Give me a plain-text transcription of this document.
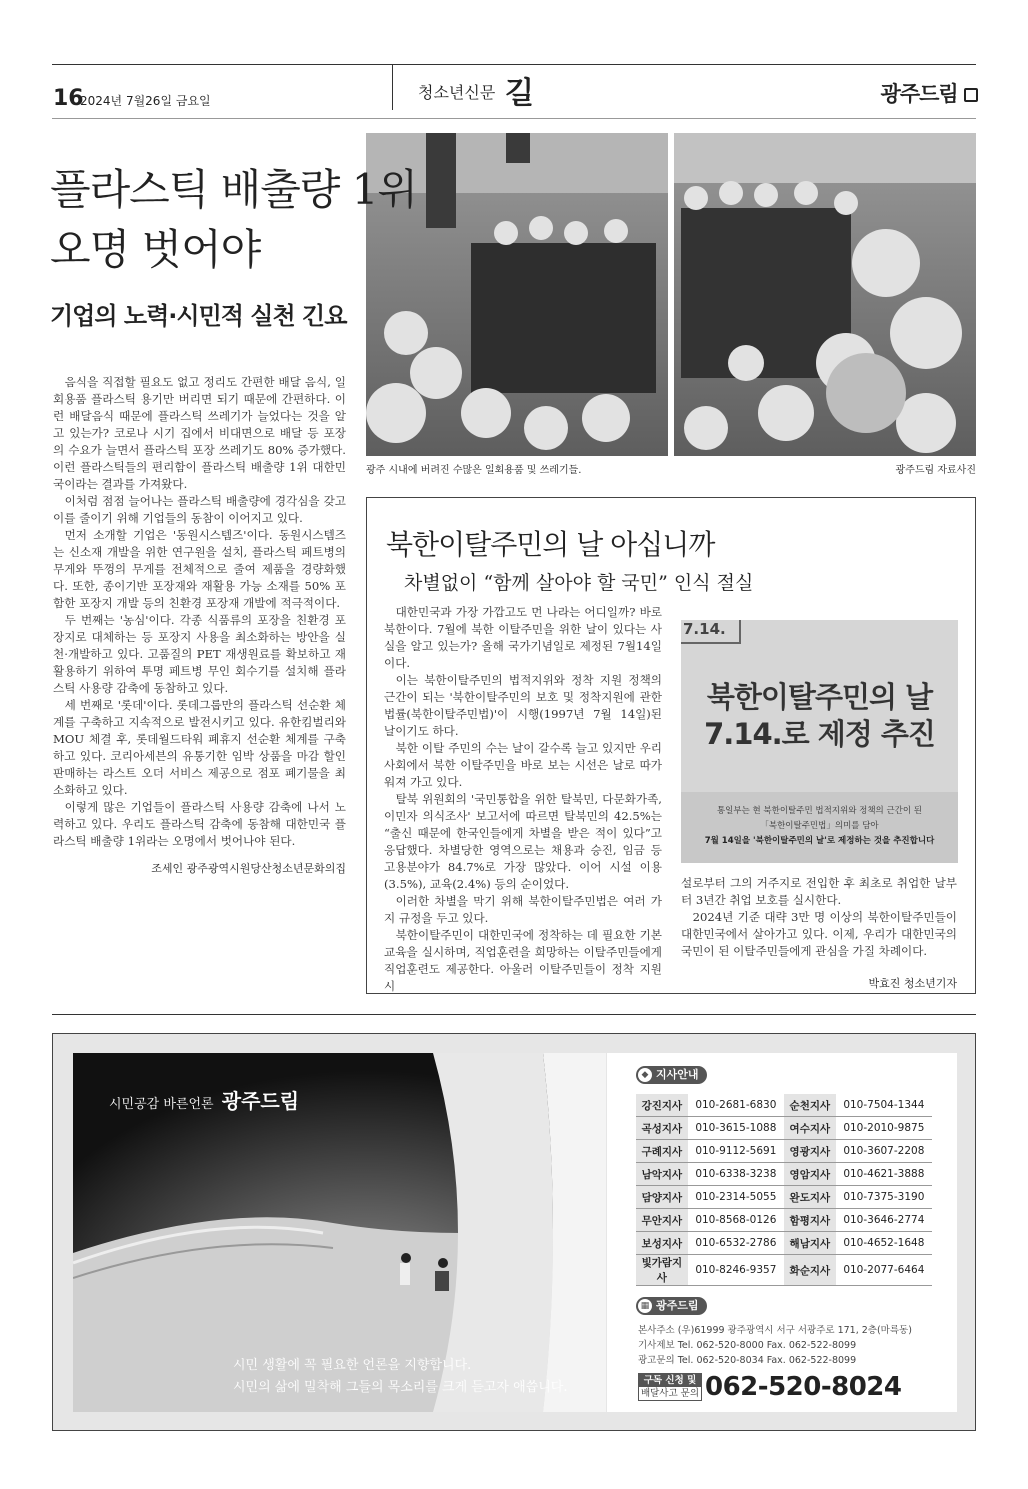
16
2024년 7월26일 금요일	청소년신문 길	광주드림
플라스틱 배출량 1위
오명 벗어야
기업의 노력·시민적 실천 긴요

음식을 직접할 필요도 없고 정리도 간편한 배달 음식, 일회용품 플라스틱 용기만 버리면 되기 때문에 간편하다. 이런 배달음식 때문에 플라스틱 쓰레기가 늘었다는 것을 알고 있는가? 코로나 시기 집에서 비대면으로 배달 등 포장의 수요가 늘면서 플라스틱 포장 쓰레기도 80% 증가했다. 이런 플라스틱들의 편리함이 플라스틱 배출량 1위 대한민국이라는 결과를 가져왔다.

이처럼 점점 늘어나는 플라스틱 배출량에 경각심을 갖고 이를 줄이기 위해 기업들의 동참이 이어지고 있다.

먼저 소개할 기업은 '동원시스템즈'이다. 동원시스템즈는 신소재 개발을 위한 연구원을 설치, 플라스틱 페트병의 무게와 뚜껑의 무게를 전체적으로 줄여 제품을 경량화했다. 또한, 종이기반 포장재와 재활용 가능 소재를 50% 포함한 포장지 개발 등의 친환경 포장재 개발에 적극적이다.

두 번째는 '농심'이다. 각종 식품류의 포장을 친환경 포장지로 대체하는 등 포장지 사용을 최소화하는 방안을 실천·개발하고 있다. 고품질의 PET 재생원료를 확보하고 재활용하기 위하여 투명 페트병 무인 회수기를 설치해 플라스틱 사용량 감축에 동참하고 있다.

세 번째로 '롯데'이다. 롯데그룹만의 플라스틱 선순환 체계를 구축하고 지속적으로 발전시키고 있다. 유한킴벌리와 MOU 체결 후, 롯데월드타워 폐휴지 선순환 체계를 구축하고 있다. 코리아세븐의 유통기한 임박 상품을 마감 할인 판매하는 라스트 오더 서비스 제공으로 점포 폐기물을 최소화하고 있다.

이렇게 많은 기업들이 플라스틱 사용량 감축에 나서 노력하고 있다. 우리도 플라스틱 감축에 동참해 대한민국 플라스틱 배출량 1위라는 오명에서 벗어나야 된다.

조세인 광주광역시원당산청소년문화의집
광주 시내에 버려진 수많은 일회용품 및 쓰레기들.	광주드림 자료사진
북한이탈주민의 날 아십니까
차별없이 “함께 살아야 할 국민” 인식 절실

대한민국과 가장 가깝고도 먼 나라는 어디일까? 바로 북한이다. 7월에 북한 이탈주민을 위한 날이 있다는 사실을 알고 있는가? 올해 국가기념일로 제정된 7월14일이다.

이는 북한이탈주민의 법적지위와 정착 지원 정책의 근간이 되는 '북한이탈주민의 보호 및 정착지원에 관한 법률(북한이탈주민법)'이 시행(1997년 7월 14일)된 날이기도 하다.

북한 이탈 주민의 수는 날이 갈수록 늘고 있지만 우리 사회에서 북한 이탈주민을 바로 보는 시선은 날로 따가워져 가고 있다.

탈북 위원회의 '국민통합을 위한 탈북민, 다문화가족, 이민자 의식조사' 보고서에 따르면 탈북민의 42.5%는 “출신 때문에 한국인들에게 차별을 받은 적이 있다”고 응답했다. 차별당한 영역으로는 채용과 승진, 임금 등 고용분야가 84.7%로 가장 많았다. 이어 시설 이용(3.5%), 교육(2.4%) 등의 순이었다.

이러한 차별을 막기 위해 북한이탈주민법은 여러 가지 규정을 두고 있다.

북한이탈주민이 대한민국에 정착하는 데 필요한 기본교육을 실시하며, 직업훈련을 희망하는 이탈주민들에게 직업훈련도 제공한다. 아울러 이탈주민들이 정착 지원 시

7.14.
북한이탈주민의 날
7.14.로 제정 추진
통일부는 현 북한이탈주민 법적지위와 정책의 근간이 된
「북한이탈주민법」의미를 담아
7월 14일을 '북한이탈주민의 날'로 제정하는 것을 추진합니다
설로부터 그의 거주지로 전입한 후 최초로 취업한 날부터 3년간 취업 보호를 실시한다.

2024년 기준 대략 3만 명 이상의 북한이탈주민들이 대한민국에서 살아가고 있다. 이제, 우리가 대한민국의 국민이 된 이탈주민들에게 관심을 가질 차례이다.

박효진 청소년기자
시민공감 바른언론 광주드림
시민 생활에 꼭 필요한 언론을 지향합니다.
시민의 삶에 밀착해 그들의 목소리를 크게 듣고자 애씁니다.
◆ 지사안내
강진지사	010-2681-6830	순천지사	010-7504-1344
곡성지사	010-3615-1088	여수지사	010-2010-9875
구례지사	010-9112-5691	영광지사	010-3607-2208
남악지사	010-6338-3238	영암지사	010-4621-3888
담양지사	010-2314-5055	완도지사	010-7375-3190
무안지사	010-8568-0126	함평지사	010-3646-2774
보성지사	010-6532-2786	해남지사	010-4652-1648
빛가람지사	010-8246-9357	화순지사	010-2077-6464
▦ 광주드림
본사주소 (우)61999 광주광역시 서구 서광주로 171, 2층(마륵동)
기사제보 Tel. 062-520-8000 Fax. 062-522-8099
광고문의 Tel. 062-520-8034 Fax. 062-522-8099
구독 신청 및
배달사고 문의 062-520-8024
